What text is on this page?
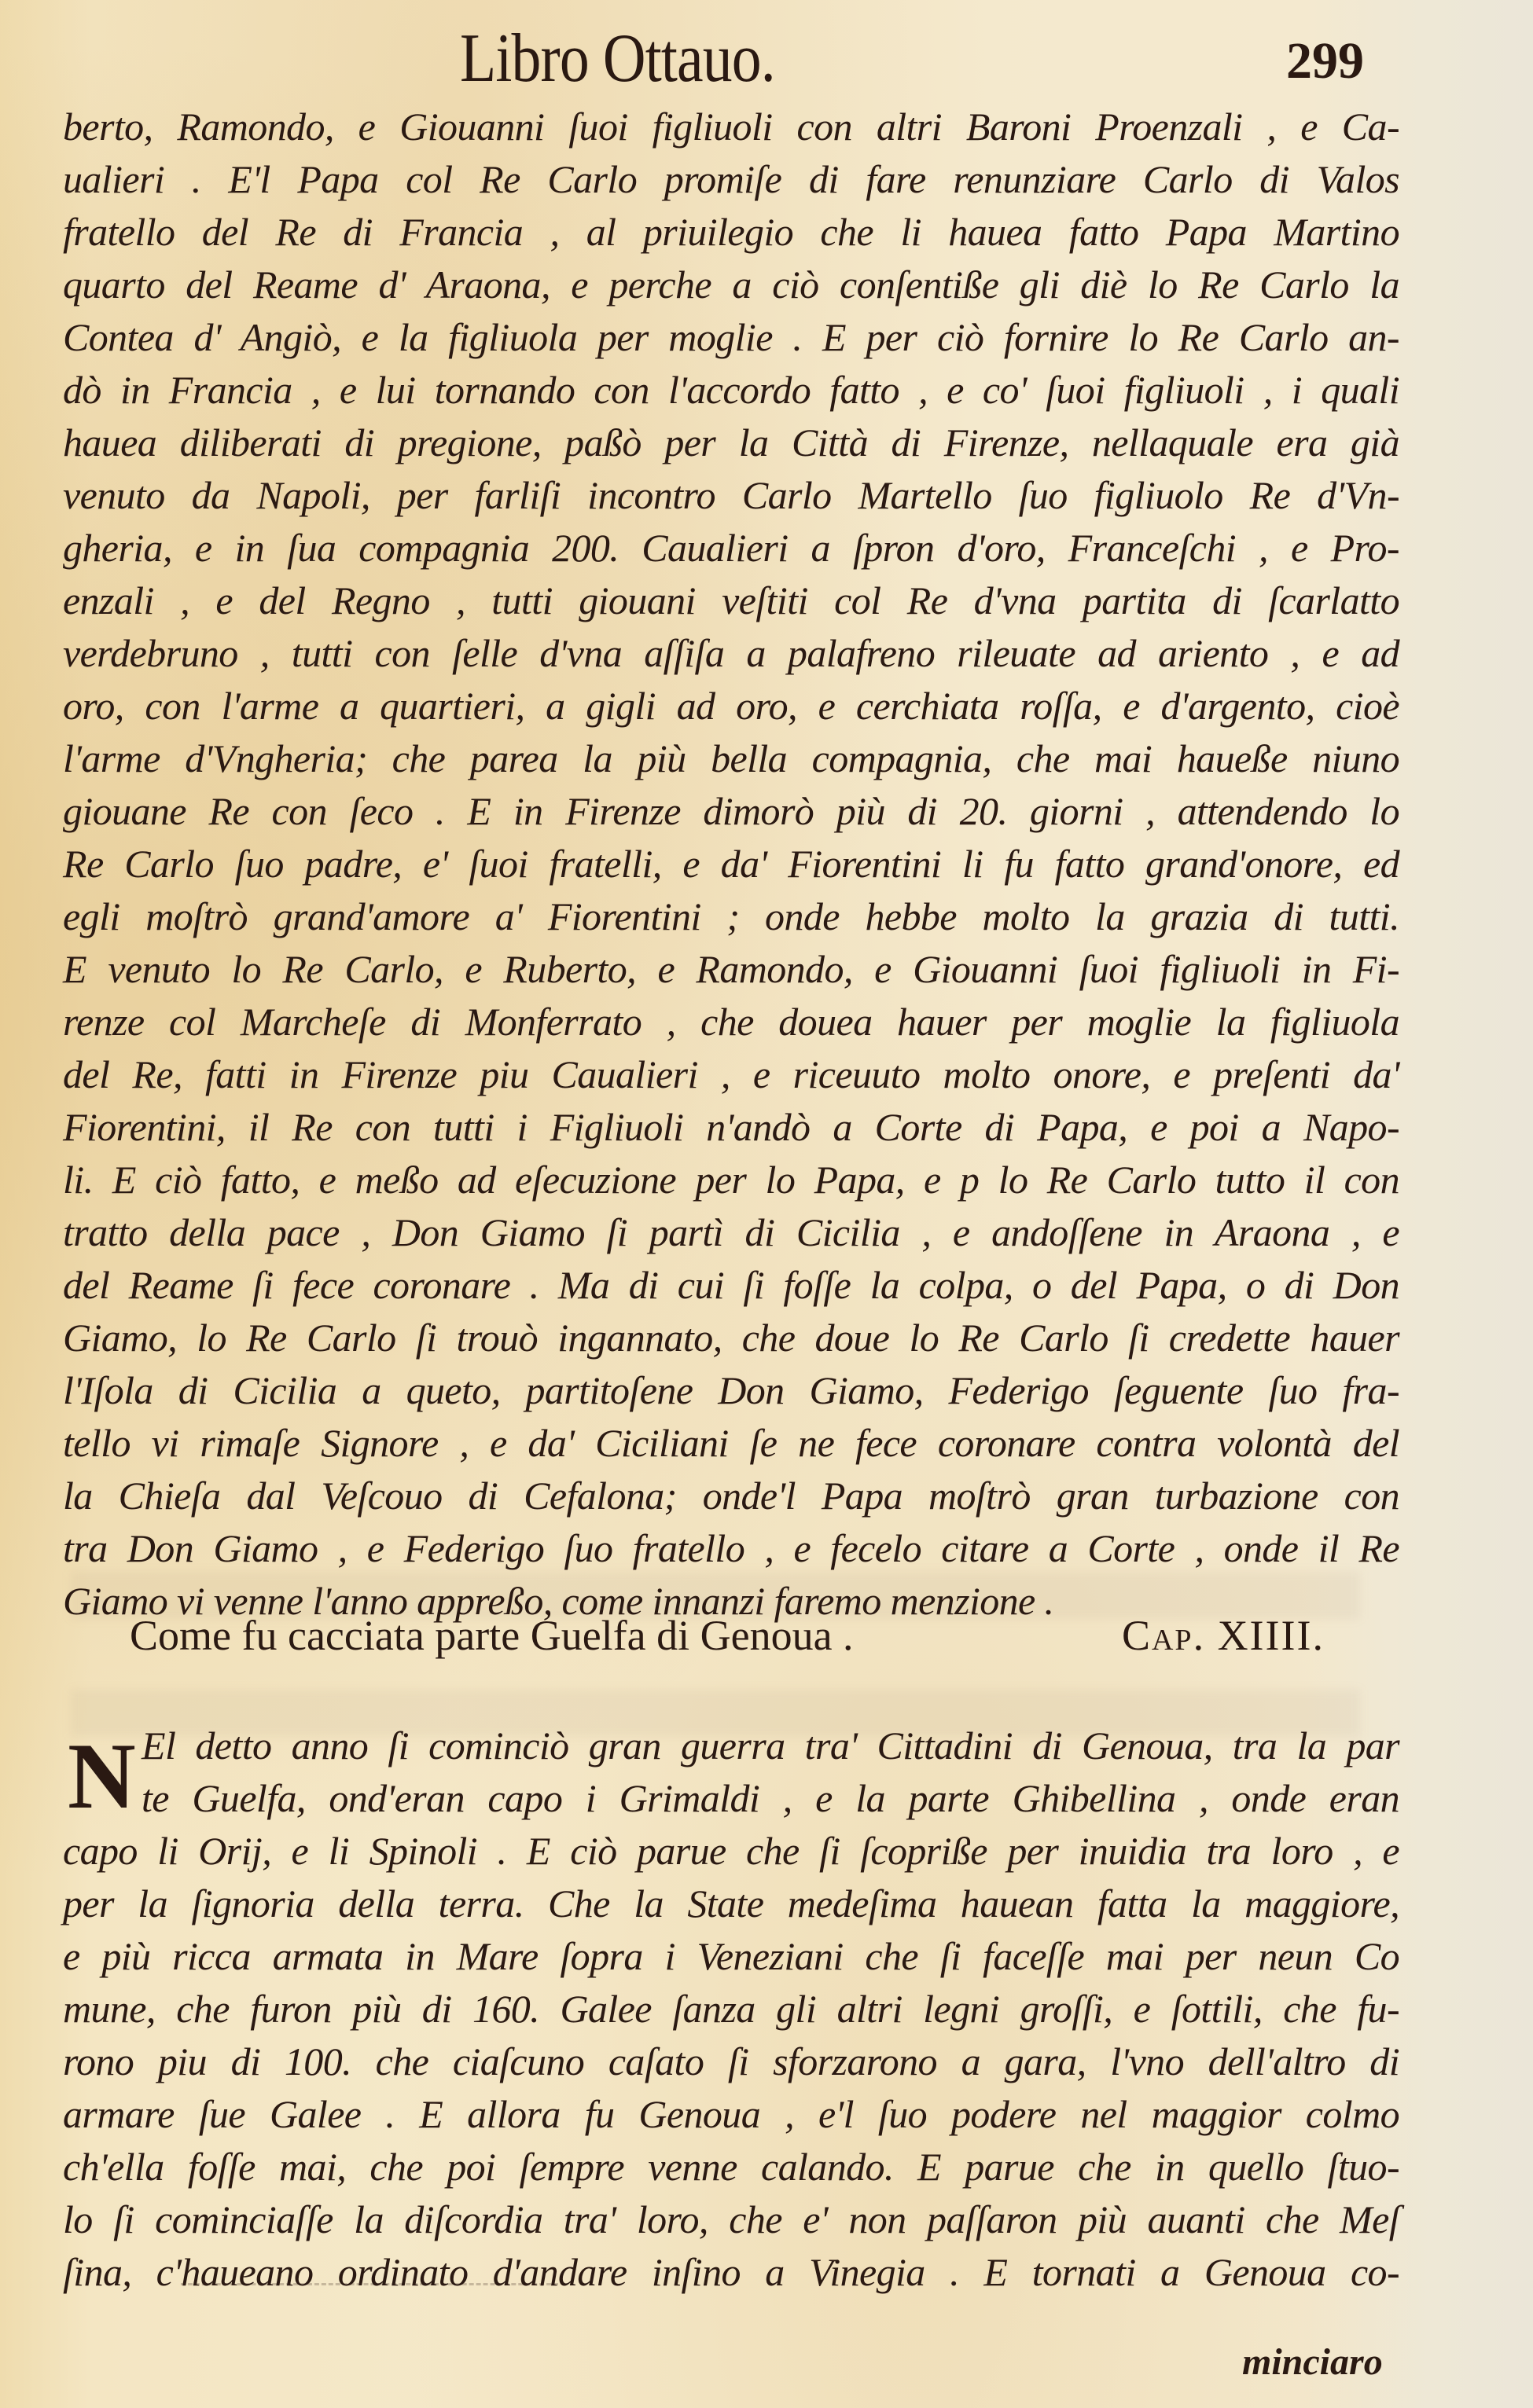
Libro Ottauo.	299
berto, Ramondo, e Giouanni ſuoi figliuoli con altri Baroni Proenzali , e Ca-
ualieri . E'l Papa col Re Carlo promiſe di fare renunziare Carlo di Valos
fratello del Re di Francia , al priuilegio che li hauea fatto Papa Martino
quarto del Reame d' Araona, e perche a ciò conſentiße gli diè lo Re Carlo la
Contea d' Angiò, e la figliuola per moglie . E per ciò fornire lo Re Carlo an-
dò in Francia , e lui tornando con l'accordo fatto , e co' ſuoi figliuoli , i quali
hauea diliberati di pregione, paßò per la Città di Firenze, nellaquale era già
venuto da Napoli, per farliſi incontro Carlo Martello ſuo figliuolo Re d'Vn-
gheria, e in ſua compagnia 200. Caualieri a ſpron d'oro, Franceſchi , e Pro-
enzali , e del Regno , tutti giouani veſtiti col Re d'vna partita di ſcarlatto
verdebruno , tutti con ſelle d'vna aſſiſa a palafreno rileuate ad ariento , e ad
oro, con l'arme a quartieri, a gigli ad oro, e cerchiata roſſa, e d'argento, cioè
l'arme d'Vngheria; che parea la più bella compagnia, che mai haueße niuno
giouane Re con ſeco . E in Firenze dimorò più di 20. giorni , attendendo lo
Re Carlo ſuo padre, e' ſuoi fratelli, e da' Fiorentini li fu fatto grand'onore, ed
egli moſtrò grand'amore a' Fiorentini ; onde hebbe molto la grazia di tutti.
E venuto lo Re Carlo, e Ruberto, e Ramondo, e Giouanni ſuoi figliuoli in Fi-
renze col Marcheſe di Monferrato , che douea hauer per moglie la figliuola
del Re, fatti in Firenze piu Caualieri , e riceuuto molto onore, e preſenti da'
Fiorentini, il Re con tutti i Figliuoli n'andò a Corte di Papa, e poi a Napo-
li. E ciò fatto, e meßo ad eſecuzione per lo Papa, e p lo Re Carlo tutto il con
tratto della pace , Don Giamo ſi partì di Cicilia , e andoſſene in Araona , e
del Reame ſi fece coronare . Ma di cui ſi foſſe la colpa, o del Papa, o di Don
Giamo, lo Re Carlo ſi trouò ingannato, che doue lo Re Carlo ſi credette hauer
l'Iſola di Cicilia a queto, partitoſene Don Giamo, Federigo ſeguente ſuo fra-
tello vi rimaſe Signore , e da' Ciciliani ſe ne fece coronare contra volontà del
la Chieſa dal Veſcouo di Cefalona; onde'l Papa moſtrò gran turbazione con
tra Don Giamo , e Federigo ſuo fratello , e fecelo citare a Corte , onde il Re
Giamo vi venne l'anno appreßo, come innanzi faremo menzione .
Come fu cacciata parte Guelfa di Genoua .	Cap. XIIII.
N El detto anno ſi cominciò gran guerra tra' Cittadini di Genoua, tra la par
te Guelfa, ond'eran capo i Grimaldi , e la parte Ghibellina , onde eran
capo li Orij, e li Spinoli . E ciò parue che ſi ſcopriße per inuidia tra loro , e
per la ſignoria della terra. Che la State medeſima hauean fatta la maggiore,
e più ricca armata in Mare ſopra i Veneziani che ſi faceſſe mai per neun Co
mune, che furon più di 160. Galee ſanza gli altri legni groſſi, e ſottili, che fu-
rono piu di 100. che ciaſcuno caſato ſi sforzarono a gara, l'vno dell'altro di
armare ſue Galee . E allora fu Genoua , e'l ſuo podere nel maggior colmo
ch'ella foſſe mai, che poi ſempre venne calando. E parue che in quello ſtuo-
lo ſi cominciaſſe la diſcordia tra' loro, che e' non paſſaron più auanti che Meſ
ſina, c'haueano ordinato d'andare inſino a Vinegia . E tornati a Genoua co-
minciaro
